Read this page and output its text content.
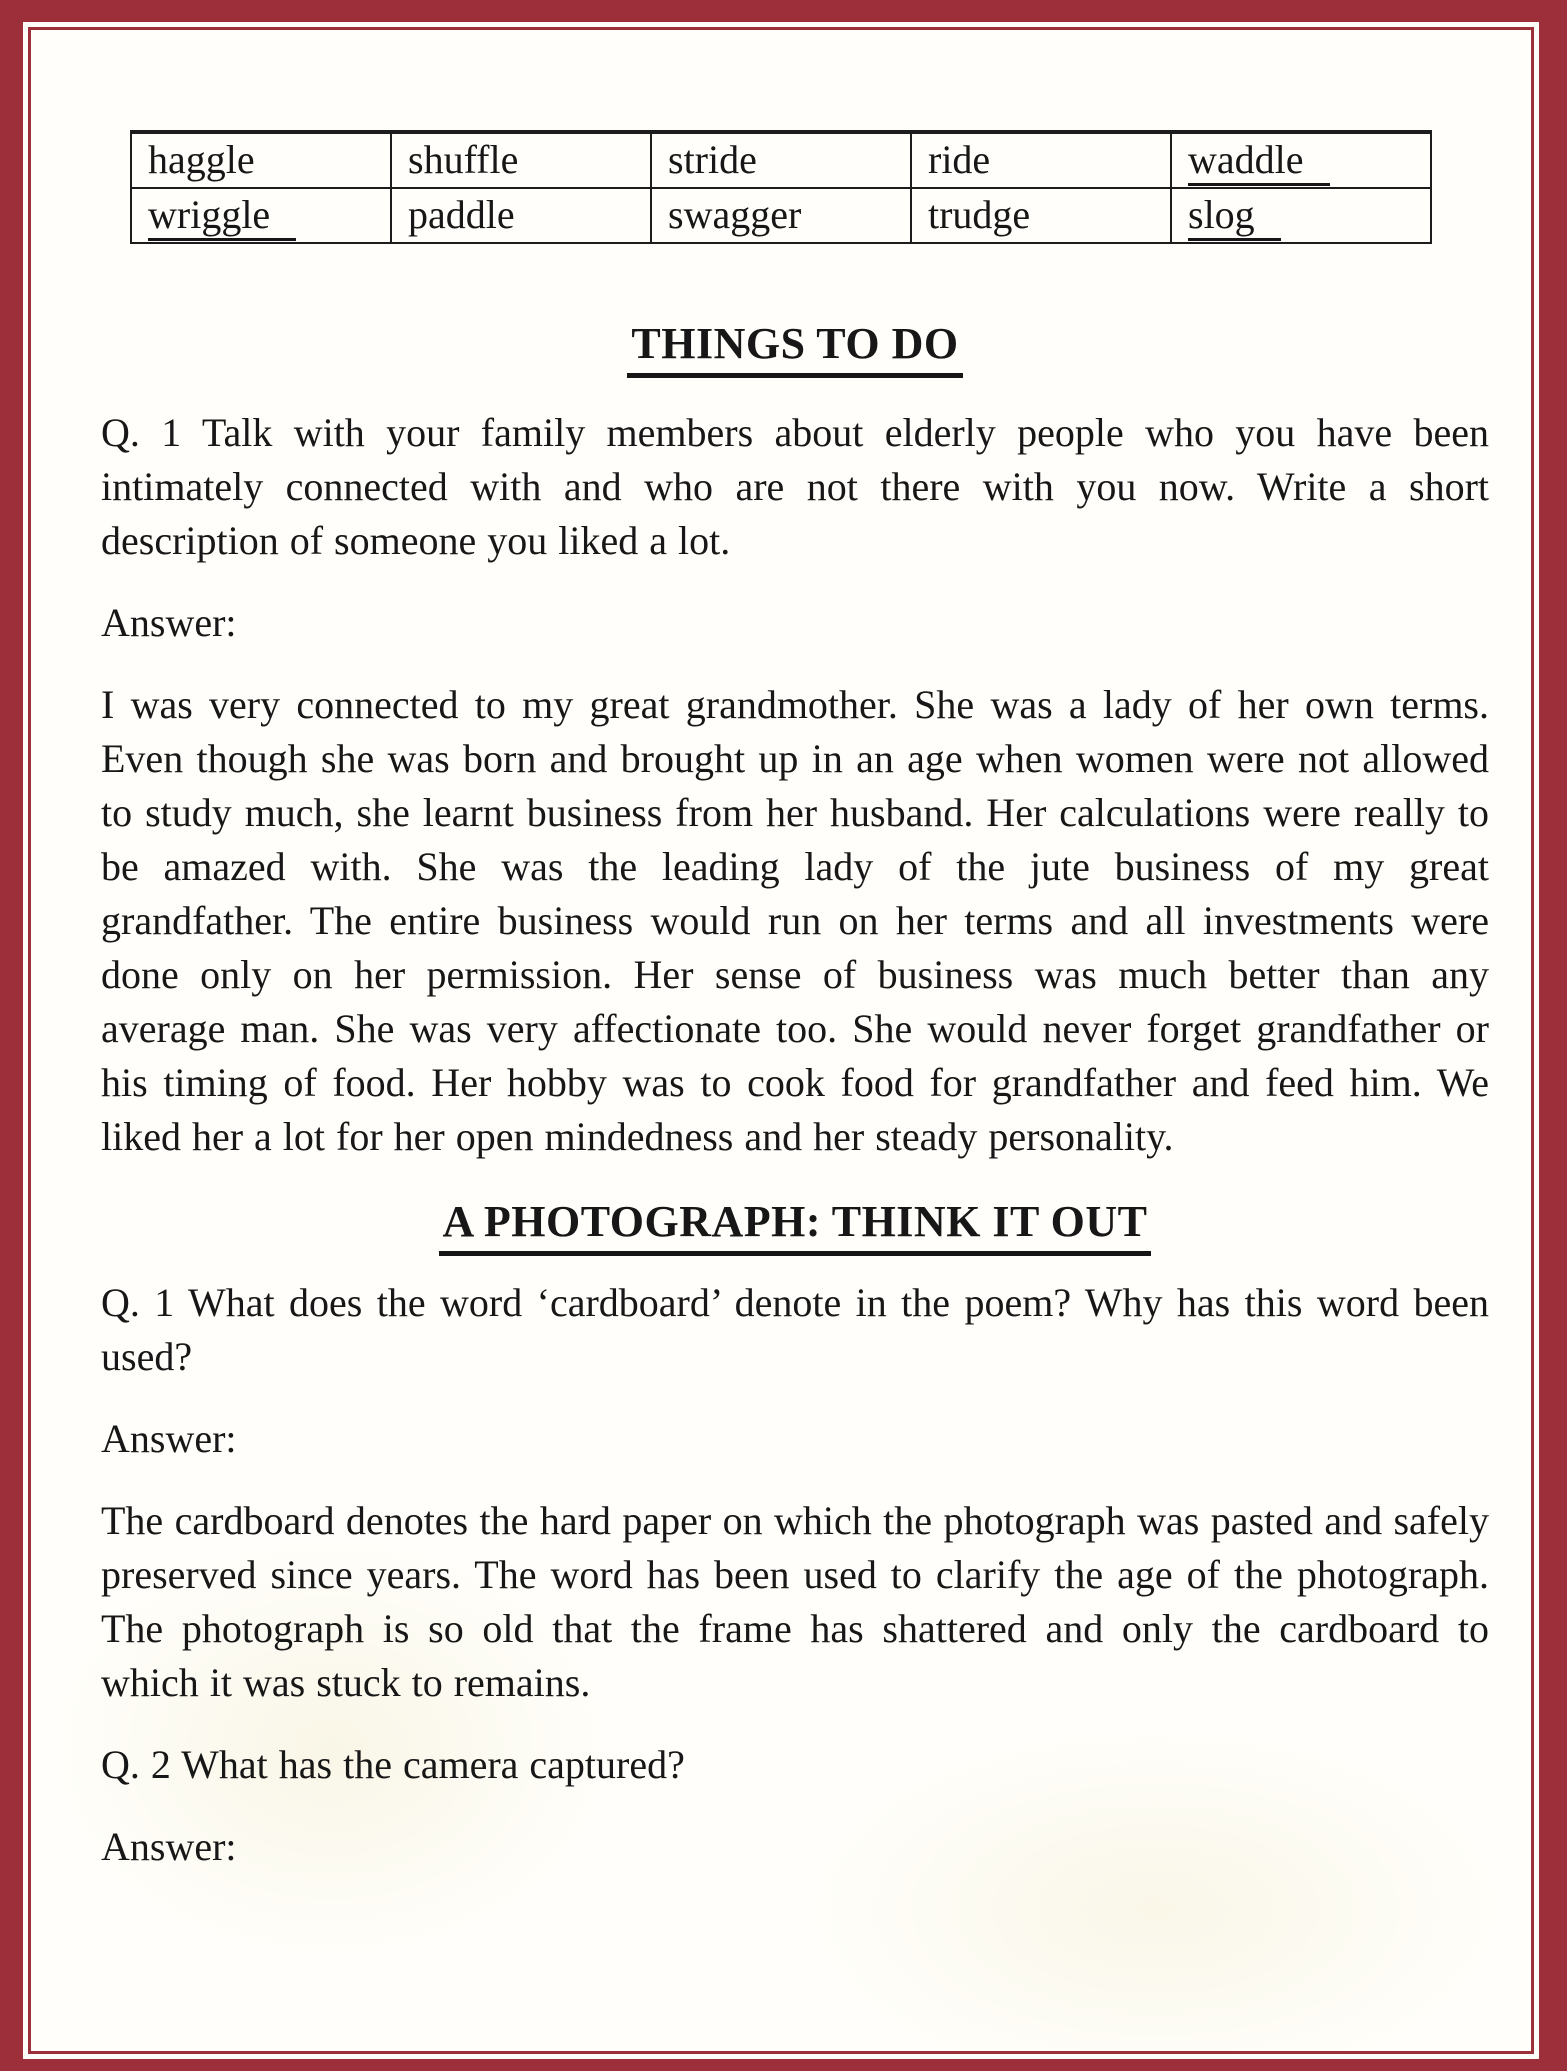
haggle	shuffle	stride	ride	waddle
wriggle	paddle	swagger	trudge	slog
THINGS TO DO

Q. 1 Talk with your family members about elderly people who you have been intimately connected with and who are not there with you now. Write a short description of someone you liked a lot.

Answer:

I was very connected to my great grandmother. She was a lady of her own terms. Even though she was born and brought up in an age when women were not allowed to study much, she learnt business from her husband. Her calculations were really to be amazed with. She was the leading lady of the jute business of my great grandfather. The entire business would run on her terms and all investments were done only on her permission. Her sense of business was much better than any average man. She was very affectionate too. She would never forget grandfather or his timing of food. Her hobby was to cook food for grandfather and feed him. We liked her a lot for her open mindedness and her steady personality.

A PHOTOGRAPH: THINK IT OUT

Q. 1 What does the word ‘cardboard’ denote in the poem? Why has this word been used?

Answer:

The cardboard denotes the hard paper on which the photograph was pasted and safely preserved since years. The word has been used to clarify the age of the photograph. The photograph is so old that the frame has shattered and only the cardboard to which it was stuck to remains.

Q. 2 What has the camera captured?

Answer:
